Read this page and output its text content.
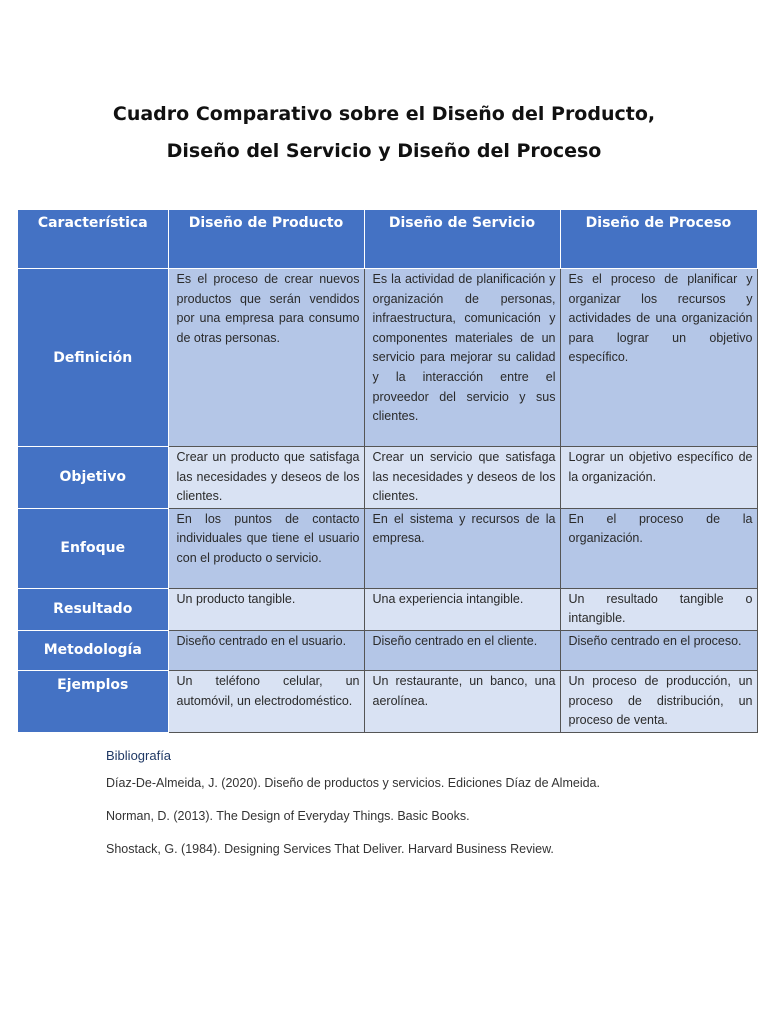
Cuadro Comparativo sobre el Diseño del Producto,
Diseño del Servicio y Diseño del Proceso
Característica	Diseño de Producto	Diseño de Servicio	Diseño de Proceso
Definición	Es el proceso de crear nuevos productos que serán vendidos por una empresa para consumo de otras personas.	Es la actividad de planificación y organización de personas, infraestructura, comunicación y componentes materiales de un servicio para mejorar su calidad y la interacción entre el proveedor del servicio y sus clientes.	Es el proceso de planificar y organizar los recursos y actividades de una organización para lograr un objetivo específico.
Objetivo	Crear un producto que satisfaga las necesidades y deseos de los clientes.	Crear un servicio que satisfaga las necesidades y deseos de los clientes.	Lograr un objetivo específico de la organización.
Enfoque	En los puntos de contacto individuales que tiene el usuario con el producto o servicio.	En el sistema y recursos de la empresa.	En el proceso de la organización.
Resultado	Un producto tangible.	Una experiencia intangible.	Un resultado tangible o intangible.
Metodología	Diseño centrado en el usuario.	Diseño centrado en el cliente.	Diseño centrado en el proceso.
Ejemplos	Un teléfono celular, un automóvil, un electrodoméstico.	Un restaurante, un banco, una aerolínea.	Un proceso de producción, un proceso de distribución, un proceso de venta.
Bibliografía
Díaz-De-Almeida, J. (2020). Diseño de productos y servicios. Ediciones Díaz de Almeida.
Norman, D. (2013). The Design of Everyday Things. Basic Books.
Shostack, G. (1984). Designing Services That Deliver. Harvard Business Review.
